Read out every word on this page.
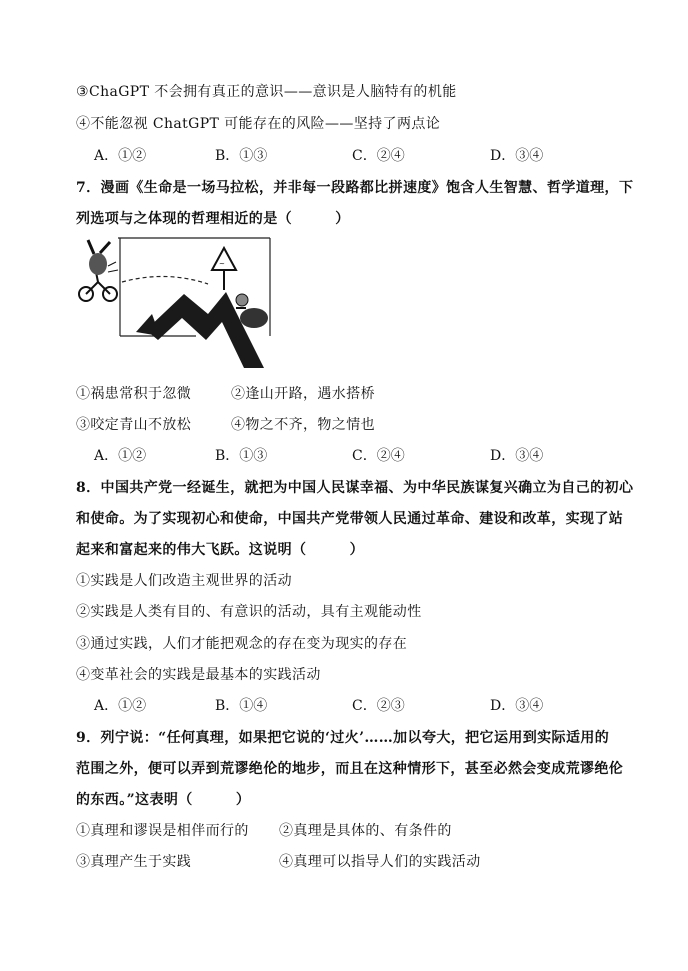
③ChaGPT 不会拥有真正的意识——意识是人脑特有的机能
④不能忽视 ChatGPT 可能存在的风险——坚持了两点论
A．①②	B．①③	C．②④	D．③④
7．漫画《生命是一场马拉松，并非每一段路都比拼速度》饱含人生智慧、哲学道理，下
列选项与之体现的哲理相近的是（　　　）
~
①祸患常积于忽微	②逢山开路，遇水搭桥
③咬定青山不放松	④物之不齐，物之情也
A．①②	B．①③	C．②④	D．③④
8．中国共产党一经诞生，就把为中国人民谋幸福、为中华民族谋复兴确立为自己的初心
和使命。为了实现初心和使命，中国共产党带领人民通过革命、建设和改革，实现了站
起来和富起来的伟大飞跃。这说明（　　　）
①实践是人们改造主观世界的活动
②实践是人类有目的、有意识的活动，具有主观能动性
③通过实践，人们才能把观念的存在变为现实的存在
④变革社会的实践是最基本的实践活动
A．①②	B．①④	C．②③	D．③④
9．列宁说：“任何真理，如果把它说的‘过火’……加以夸大，把它运用到实际适用的
范围之外，便可以弄到荒谬绝伦的地步，而且在这种情形下，甚至必然会变成荒谬绝伦
的东西。”这表明（　　　）
①真理和谬误是相伴而行的 ②真理是具体的、有条件的
③真理产生于实践	④真理可以指导人们的实践活动
